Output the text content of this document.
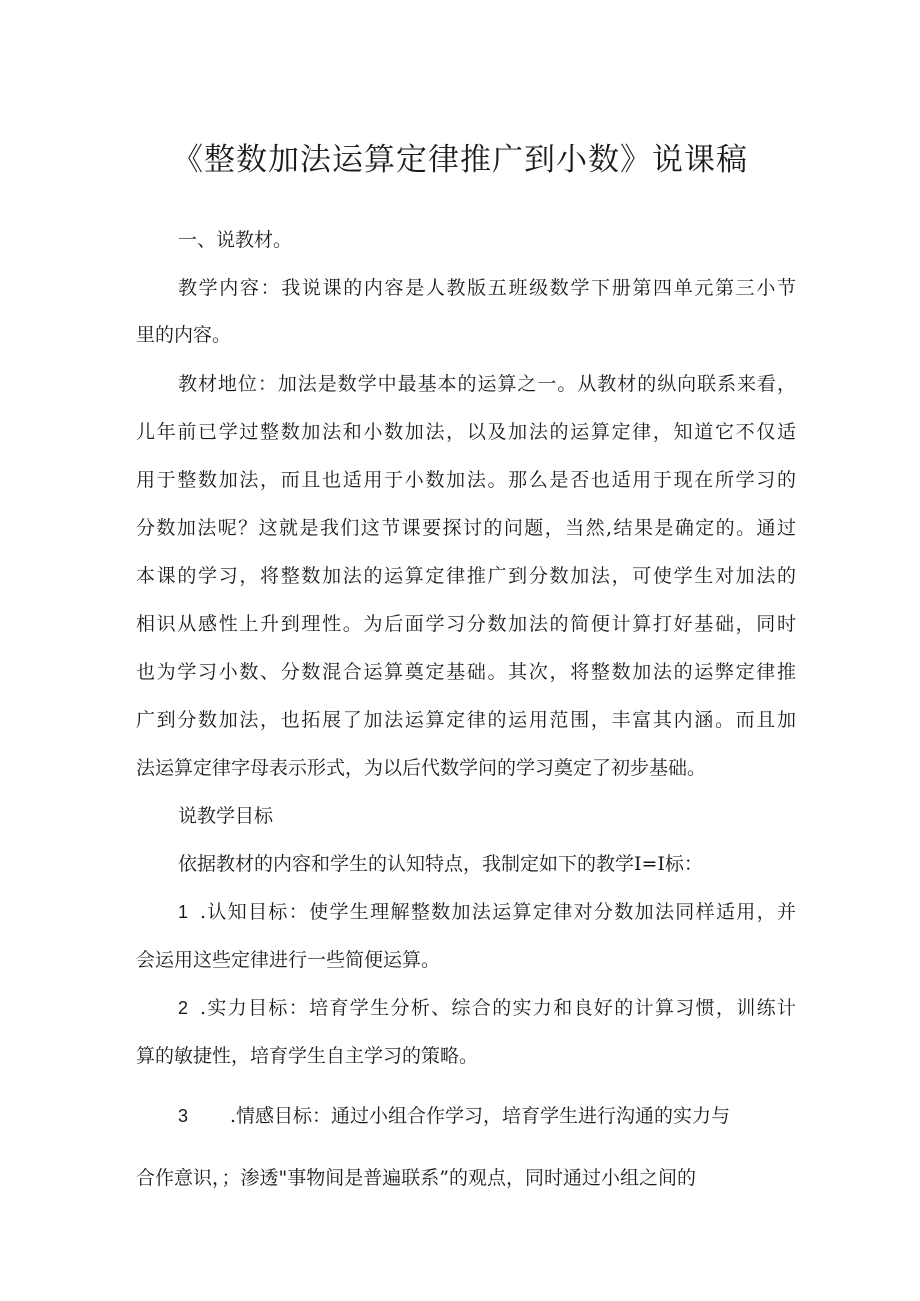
《整数加法运算定律推广到小数》说课稿
一、说教材。
教学内容：我说课的内容是人教版五班级数学下册第四单元第三小节
里的内容。
教材地位：加法是数学中最基本的运算之一。从教材的纵向联系来看，
儿年前已学过整数加法和小数加法，以及加法的运算定律，知道它不仅适
用于整数加法，而且也适用于小数加法。那么是否也适用于现在所学习的
分数加法呢？这就是我们这节课要探讨的问题，当然,结果是确定的。通过
本课的学习，将整数加法的运算定律推广到分数加法，可使学生对加法的
相识从感性上升到理性。为后面学习分数加法的简便计算打好基础，同时
也为学习小数、分数混合运算奠定基础。其次，将整数加法的运弊定律推
广到分数加法，也拓展了加法运算定律的运用范围，丰富其内涵。而且加
法运算定律字母表示形式，为以后代数学问的学习奠定了初步基础。
说教学目标
依据教材的内容和学生的认知特点，我制定如下的教学I=I标：
1 .认知目标：使学生理解整数加法运算定律对分数加法同样适用，并
会运用这些定律进行一些简便运算。
2 .实力目标：培育学生分析、综合的实力和良好的计算习惯，训练计
算的敏捷性，培育学生自主学习的策略。
3 .情感目标：通过小组合作学习，培育学生进行沟通的实力与
合作意识，；渗透"事物间是普遍联系”的观点，同时通过小组之间的
